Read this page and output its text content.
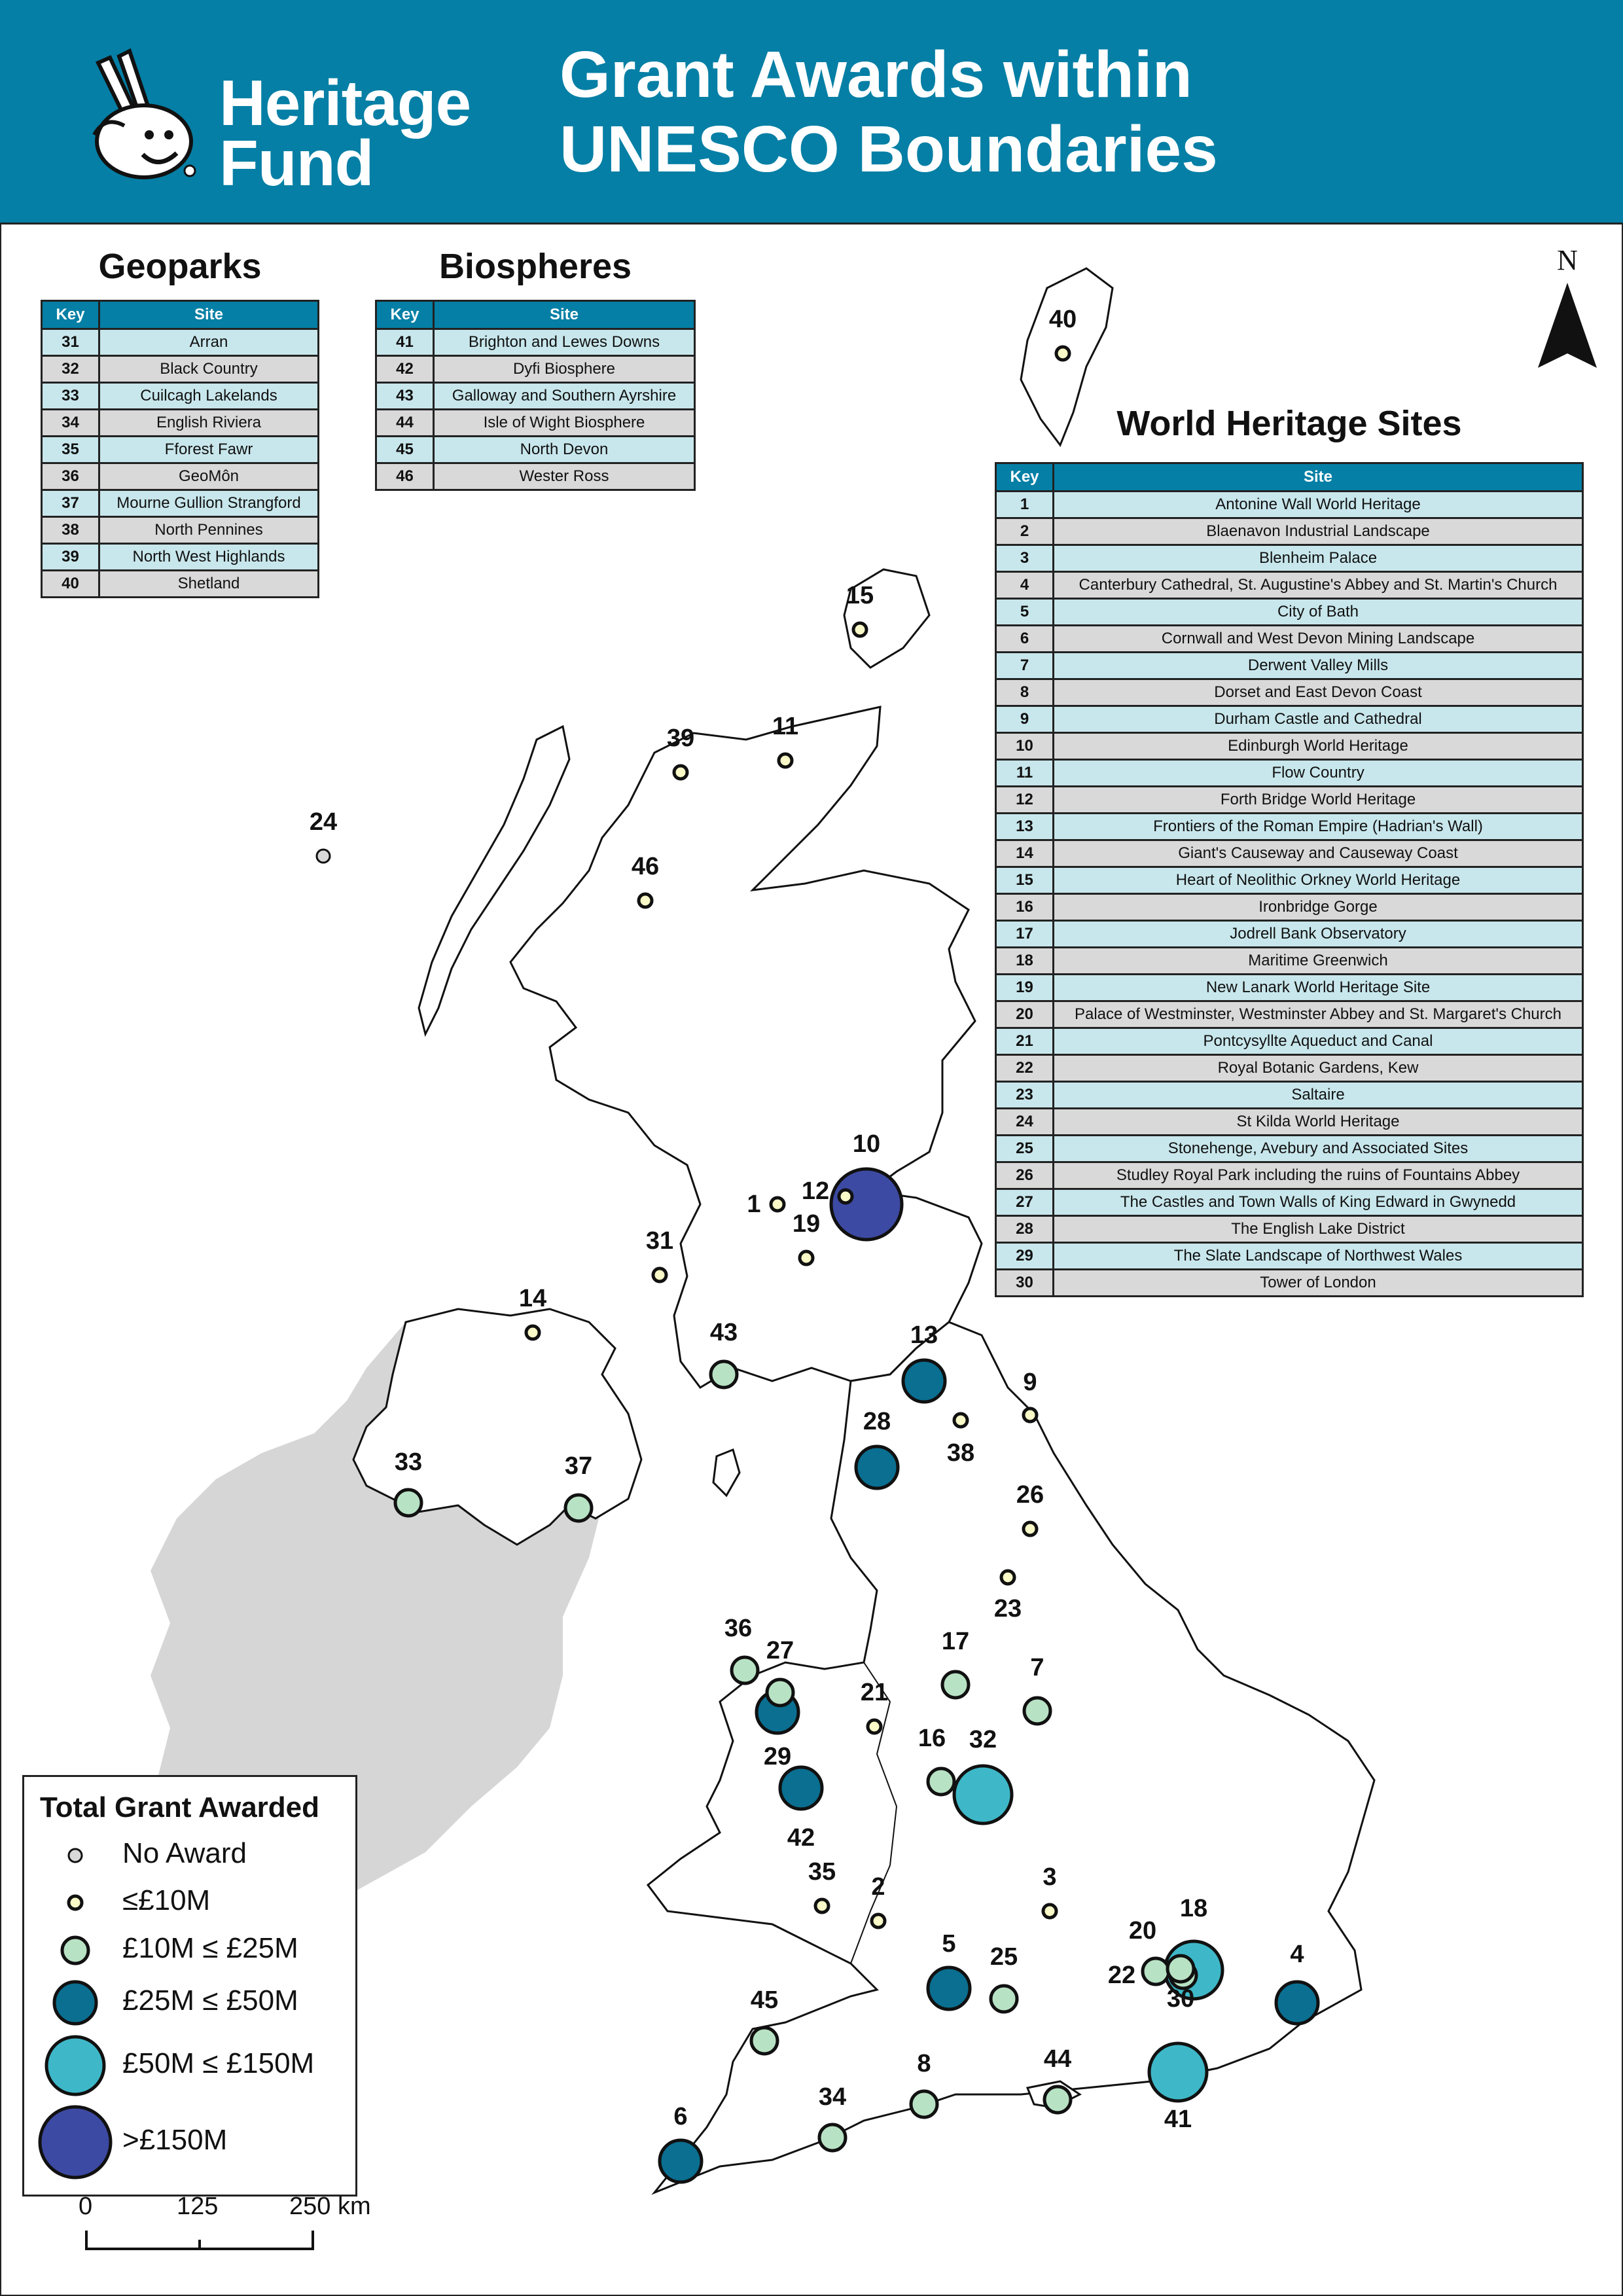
Heritage
Fund
Grant Awards within
UNESCO Boundaries
Geoparks
Key	Site
31	Arran
32	Black Country
33	Cuilcagh Lakelands
34	English Riviera
35	Fforest Fawr
36	GeoMôn
37	Mourne Gullion Strangford
38	North Pennines
39	North West Highlands
40	Shetland
Biospheres
Key	Site
41	Brighton and Lewes Downs
42	Dyfi Biosphere
43	Galloway and Southern Ayrshire
44	Isle of Wight Biosphere
45	North Devon
46	Wester Ross
1
2	3
4
5
6
7
8
9
10
11
12
13
14
15
16
17
18
19
20
21
22
23
24
25
26
27
28
29
30
31
32
33
34
35
36
37	38
39
40
41
42
43
44
45
46
World Heritage Sites
Key	Site
1	Antonine Wall World Heritage
2	Blaenavon Industrial Landscape
3	Blenheim Palace
4	Canterbury Cathedral, St. Augustine's Abbey and St. Martin's Church
5	City of Bath
6	Cornwall and West Devon Mining Landscape
7	Derwent Valley Mills
8	Dorset and East Devon Coast
9	Durham Castle and Cathedral
10	Edinburgh World Heritage
11	Flow Country
12	Forth Bridge World Heritage
13	Frontiers of the Roman Empire (Hadrian's Wall)
14	Giant's Causeway and Causeway Coast
15	Heart of Neolithic Orkney World Heritage
16	Ironbridge Gorge
17	Jodrell Bank Observatory
18	Maritime Greenwich
19	New Lanark World Heritage Site
20	Palace of Westminster, Westminster Abbey and St. Margaret's Church
21	Pontcysyllte Aqueduct and Canal
22	Royal Botanic Gardens, Kew
23	Saltaire
24	St Kilda World Heritage
25	Stonehenge, Avebury and Associated Sites
26	Studley Royal Park including the ruins of Fountains Abbey
27	The Castles and Town Walls of King Edward in Gwynedd
28	The English Lake District
29	The Slate Landscape of Northwest Wales
30	Tower of London
N
Total Grant Awarded
No Award
≤£10M
£10M ≤ £25M
£25M ≤ £50M
£50M ≤ £150M
>£150M
0	125	250 km
